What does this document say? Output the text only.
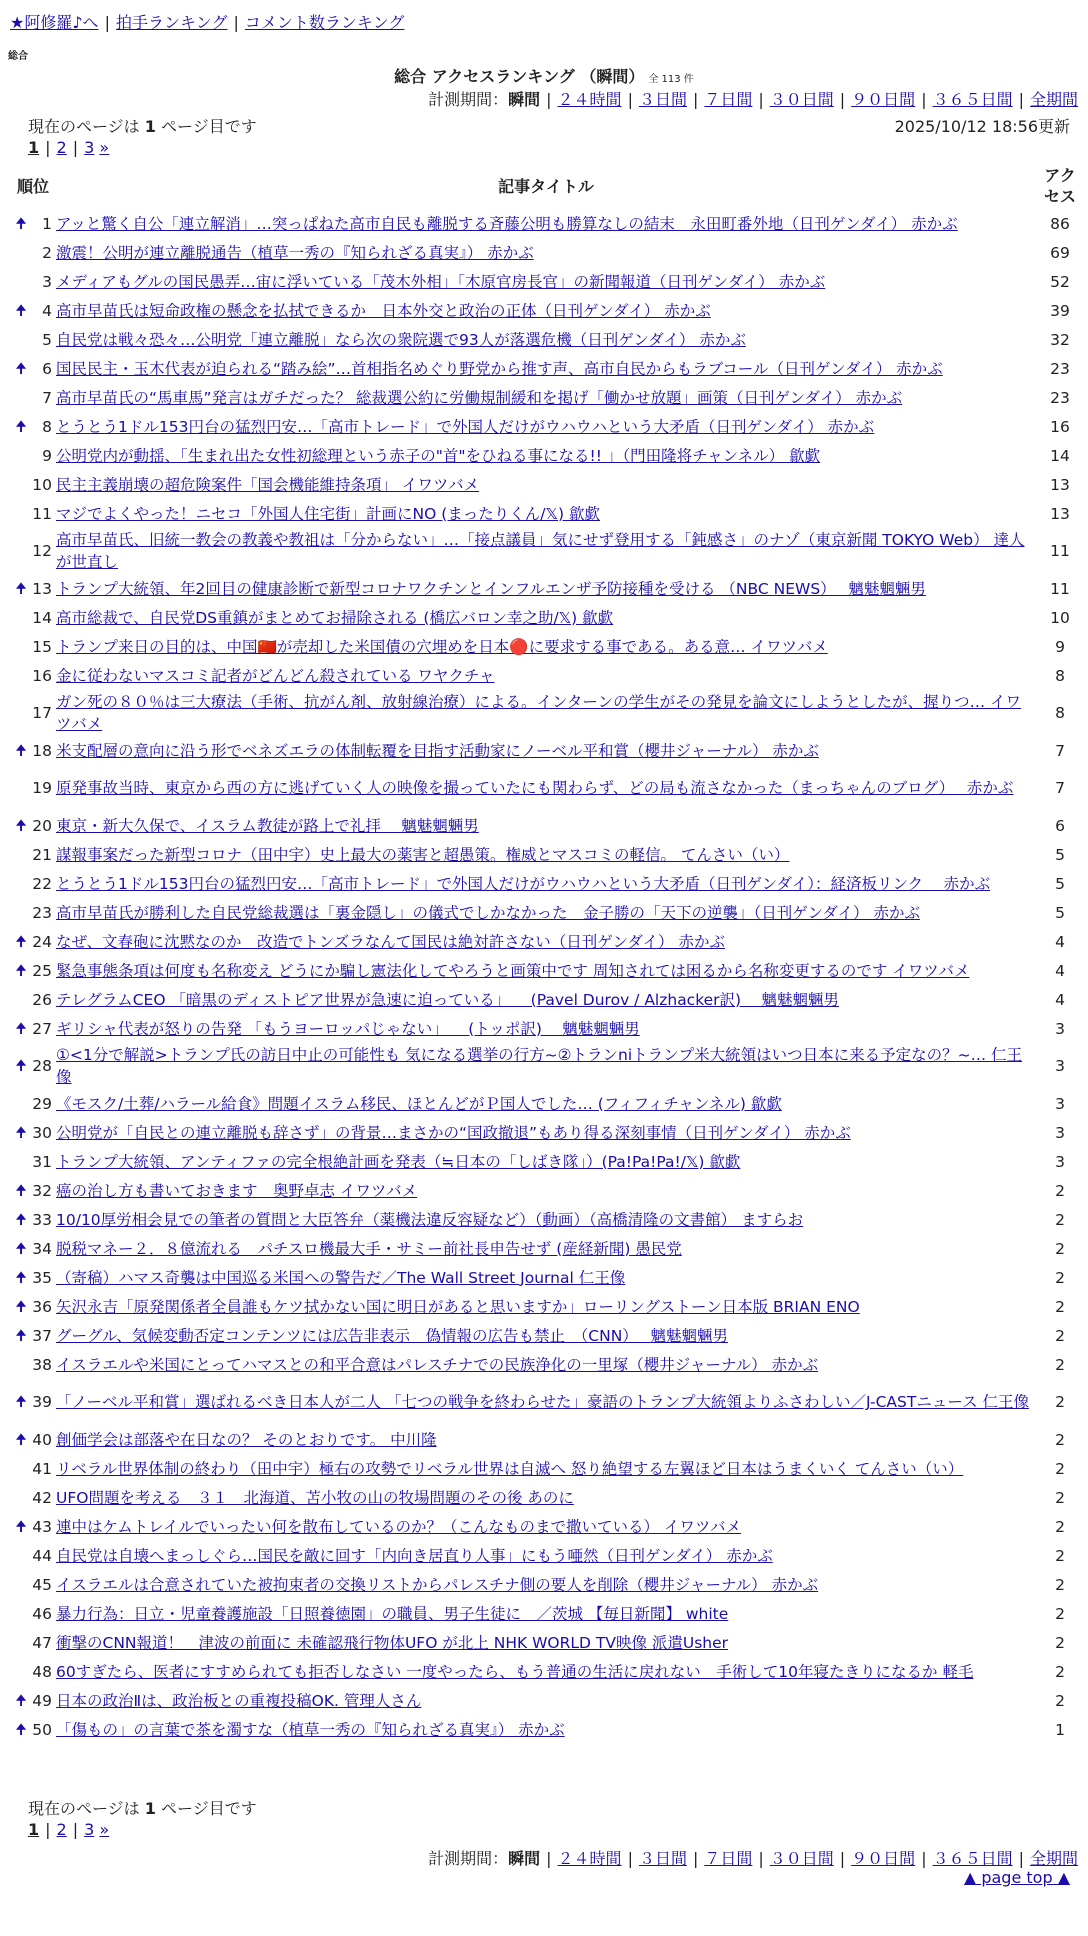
★阿修羅♪へ | 拍手ランキング | コメント数ランキング
総合
総合 アクセスランキング （瞬間） 全 113 件
計測期間：瞬間 | ２４時間 | ３日間 | ７日間 | ３０日間 | ９０日間 | ３６５日間 | 全期間
現在のページは 1 ページ目です	2025/10/12 18:56更新
1 | 2 | 3 »
順位		記事タイトル	アクセス
🠉	1	アッと驚く自公「連立解消」…突っぱねた高市自民も離脱する斉藤公明も勝算なしの結末　永田町番外地（日刊ゲンダイ） 赤かぶ	86
	2	激震！公明が連立離脱通告（植草一秀の『知られざる真実』） 赤かぶ	69
	3	メディアもグルの国民愚弄…宙に浮いている「茂木外相」「木原官房長官」の新聞報道（日刊ゲンダイ） 赤かぶ	52
🠉	4	高市早苗氏は短命政権の懸念を払拭できるか　日本外交と政治の正体（日刊ゲンダイ） 赤かぶ	39
	5	自民党は戦々恐々…公明党「連立離脱」なら次の衆院選で93人が落選危機（日刊ゲンダイ） 赤かぶ	32
🠉	6	国民民主・玉木代表が迫られる“踏み絵”…首相指名めぐり野党から推す声、高市自民からもラブコール（日刊ゲンダイ） 赤かぶ	23
	7	高市早苗氏の“馬車馬”発言はガチだった？ 総裁選公約に労働規制緩和を掲げ「働かせ放題」画策（日刊ゲンダイ） 赤かぶ	23
🠉	8	とうとう1ドル153円台の猛烈円安…「高市トレード」で外国人だけがウハウハという大矛盾（日刊ゲンダイ） 赤かぶ	16
	9	公明党内が動揺、「生まれ出た女性初総理という赤子の"首"をひねる事になる!! 」（門田隆将チャンネル） 歙歔	14
	10	民主主義崩壊の超危険案件「国会機能維持条項」 イワツバメ	13
	11	マジでよくやった！ニセコ「外国人住宅街」計画にNO (まったりくん/𝕏) 歙歔	13
	12	高市早苗氏、旧統一教会の教義や教祖は「分からない」…「接点議員」気にせず登用する「鈍感さ」のナゾ（東京新聞 TOKYO Web） 達人が世直し	11
🠉	13	トランプ大統領、年2回目の健康診断で新型コロナワクチンとインフルエンザ予防接種を受ける （NBC NEWS）　 魑魅魍魎男	11
	14	高市総裁で、自民党DS重鎮がまとめてお掃除される (橋広バロン幸之助/𝕏) 歙歔	10
	15	トランプ来日の目的は、中国🇨🇳が売却した米国債の穴埋めを日本🔴に要求する事である。ある意… イワツバメ	9
	16	金に従わないマスコミ記者がどんどん殺されている ワヤクチャ	8
	17	ガン死の８０％は三大療法（手術、抗がん剤、放射線治療）による。インターンの学生がその発見を論文にしようとしたが、握りつ… イワツバメ	8
🠉	18	米支配層の意向に沿う形でベネズエラの体制転覆を目指す活動家にノーベル平和賞（櫻井ジャーナル） 赤かぶ	7
	19	原発事故当時、東京から西の方に逃げていく人の映像を撮っていたにも関わらず、どの局も流さなかった（まっちゃんのブログ）　 赤かぶ	7
🠉	20	東京・新大久保で、イスラム教徒が路上で礼拝　 魑魅魍魎男	6
	21	謀報事案だった新型コロナ（田中宇）史上最大の薬害と超愚策。権威とマスコミの軽信。 てんさい（い）	5
	22	とうとう1ドル153円台の猛烈円安…「高市トレード」で外国人だけがウハウハという大矛盾（日刊ゲンダイ）：経済板リンク　 赤かぶ	5
	23	高市早苗氏が勝利した自民党総裁選は「裏金隠し」の儀式でしかなかった　金子勝の「天下の逆襲」（日刊ゲンダイ） 赤かぶ	5
🠉	24	なぜ、文春砲に沈黙なのか　改造でトンズラなんて国民は絶対許さない（日刊ゲンダイ） 赤かぶ	4
🠉	25	緊急事態条項は何度も名称変え どうにか騙し憲法化してやろうと画策中です 周知されては困るから名称変更するのです イワツバメ	4
	26	テレグラムCEO 「暗黒のディストピア世界が急速に迫っている」 　(Pavel Durov / Alzhacker訳)　 魑魅魍魎男	4
🠉	27	ギリシャ代表が怒りの告発 「もうヨーロッパじゃない」 　(トッポ訳)　 魑魅魍魎男	3
🠉	28	①<1分で解説>トランプ氏の訪日中止の可能性も 気になる選挙の行方~②トランniトランプ米大統領はいつ日本に来る予定なの？~… 仁王像	3
	29	《モスク/土葬/ハラール給食》問題イスラム移民、ほとんどがＰ国人でした… (フィフィチャンネル) 歙歔	3
🠉	30	公明党が「自民との連立離脱も辞さず」の背景…まさかの“国政撤退”もあり得る深刻事情（日刊ゲンダイ） 赤かぶ	3
	31	トランプ大統領、アンティファの完全根絶計画を発表（≒日本の「しばき隊」）(Pa!Pa!Pa!/𝕏) 歙歔	3
🠉	32	癌の治し方も書いておきます　奥野卓志 イワツバメ	2
🠉	33	10/10厚労相会見での筆者の質問と大臣答弁（薬機法違反容疑など）（動画）（高橋清隆の文書館） ますらお	2
🠉	34	脱税マネー２．８億流れる　パチスロ機最大手・サミー前社長申告せず (産経新聞) 愚民党	2
🠉	35	（寄稿）ハマス奇襲は中国巡る米国への警告だ／The Wall Street Journal 仁王像	2
🠉	36	矢沢永吉「原発関係者全員誰もケツ拭かない国に明日があると思いますか」ローリングストーン日本版 BRIAN ENO	2
🠉	37	グーグル、気候変動否定コンテンツには広告非表示　偽情報の広告も禁止　（CNN）　 魑魅魍魎男	2
	38	イスラエルや米国にとってハマスとの和平合意はパレスチナでの民族浄化の一里塚（櫻井ジャーナル） 赤かぶ	2
🠉	39	「ノーベル平和賞」選ばれるべき日本人が二人 「七つの戦争を終わらせた」豪語のトランプ大統領よりふさわしい／J-CASTニュース 仁王像	2
🠉	40	創価学会は部落や在日なの？ そのとおりです。 中川隆	2
	41	リベラル世界体制の終わり（田中宇）極右の攻勢でリベラル世界は自滅へ 怒り絶望する左翼ほど日本はうまくいく てんさい（い）	2
	42	UFO問題を考える　３１　北海道、苫小牧の山の牧場問題のその後 あのに	2
🠉	43	連中はケムトレイルでいったい何を散布しているのか？（こんなものまで撒いている） イワツバメ	2
	44	自民党は自壊へまっしぐら…国民を敵に回す「内向き居直り人事」にもう唖然（日刊ゲンダイ） 赤かぶ	2
	45	イスラエルは合意されていた被拘束者の交換リストからパレスチナ側の要人を削除（櫻井ジャーナル） 赤かぶ	2
	46	暴力行為：日立・児童養護施設「日照養徳園」の職員、男子生徒に　／茨城 【毎日新聞】 white	2
	47	衝撃のCNN報道！　津波の前面に 未確認飛行物体UFO が北上 NHK WORLD TV映像 派遣Usher	2
	48	60すぎたら、医者にすすめられても拒否しなさい 一度やったら、もう普通の生活に戻れない　手術して10年寝たきりになるか 軽毛	2
🠉	49	日本の政治Ⅱは、政治板との重複投稿OK. 管理人さん	2
🠉	50	「傷もの」の言葉で茶を濁すな（植草一秀の『知られざる真実』） 赤かぶ	1
現在のページは 1 ページ目です
1 | 2 | 3 »
計測期間：瞬間 | ２４時間 | ３日間 | ７日間 | ３０日間 | ９０日間 | ３６５日間 | 全期間
▲ page top ▲
